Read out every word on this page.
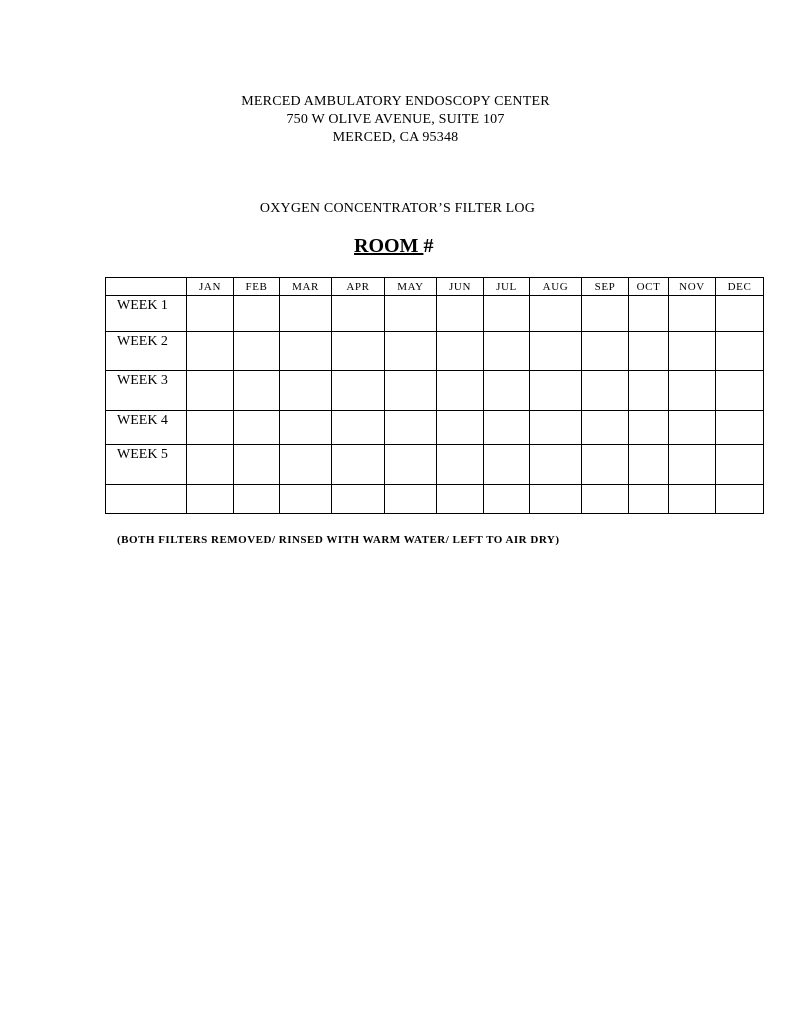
MERCED AMBULATORY ENDOSCOPY CENTER
750 W OLIVE AVENUE, SUITE 107
MERCED, CA 95348
OXYGEN CONCENTRATOR’S FILTER LOG
ROOM #
	JAN	FEB	MAR	APR	MAY	JUN	JUL	AUG	SEP	OCT	NOV	DEC
WEEK 1												
WEEK 2												
WEEK 3												
WEEK 4												
WEEK 5												

(BOTH FILTERS REMOVED/ RINSED WITH WARM WATER/ LEFT TO AIR DRY)
